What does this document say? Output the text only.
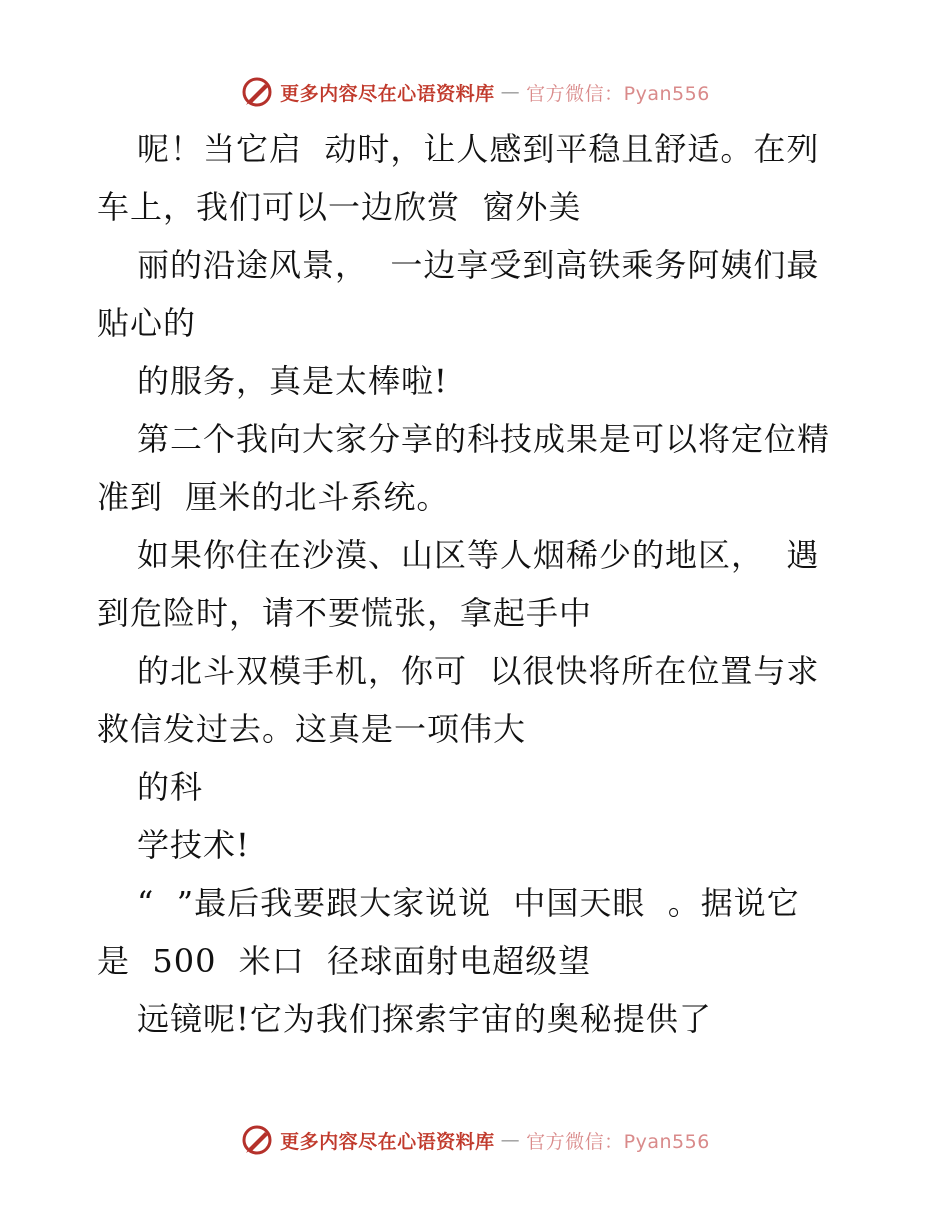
更多内容尽在心语资料库 — 官方微信：Pyan556
呢！当它启  动时，让人感到平稳且舒适。在列
车上，我们可以一边欣赏  窗外美
丽的沿途风景，  一边享受到高铁乘务阿姨们最
贴心的
的服务，真是太棒啦!
第二个我向大家分享的科技成果是可以将定位精
准到  厘米的北斗系统。
如果你住在沙漠、山区等人烟稀少的地区，  遇
到危险时，请不要慌张，拿起手中
的北斗双模手机，你可  以很快将所在位置与求
救信发过去。这真是一项伟大
的科
学技术!
“  ”最后我要跟大家说说  中国天眼  。据说它
是  500  米口  径球面射电超级望
远镜呢!它为我们探索宇宙的奥秘提供了
更多内容尽在心语资料库 — 官方微信：Pyan556
